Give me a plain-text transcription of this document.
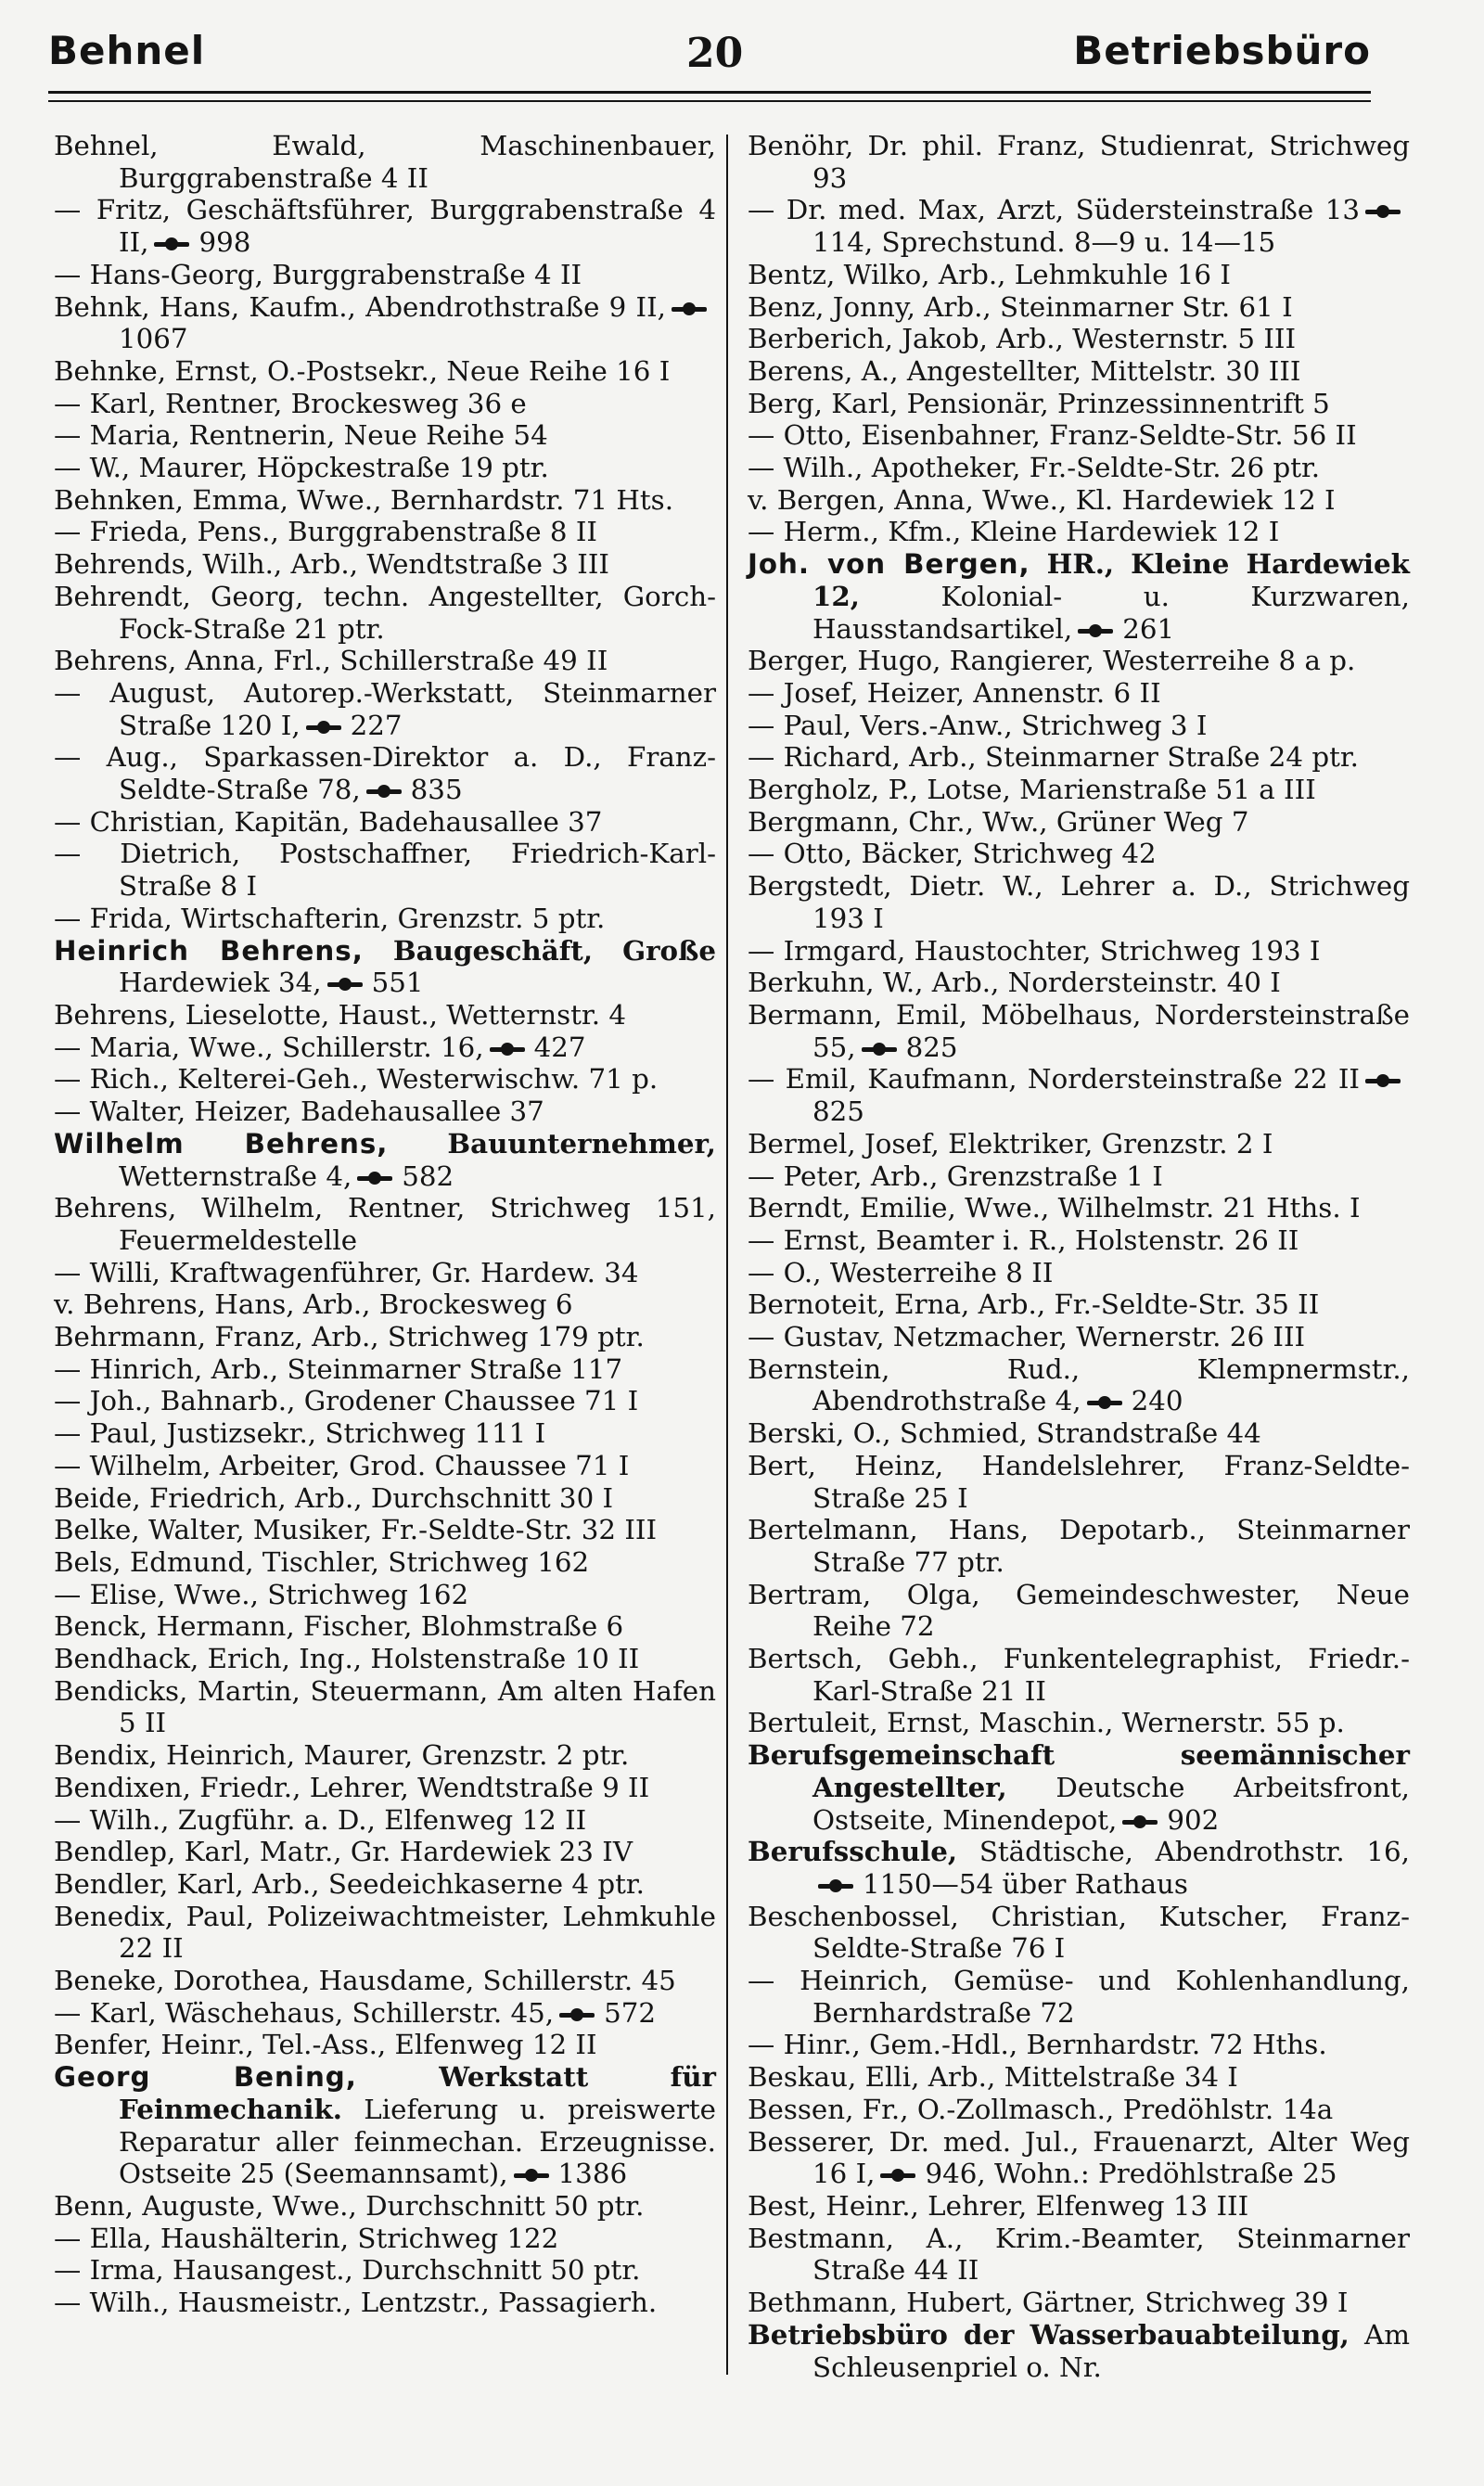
Behnel	20	Betriebsbüro
Behnel, Ewald, Maschinenbauer, Burggrabenstraße 4 II
— Fritz, Geschäftsführer, Burggrabenstraße 4 II, 998
— Hans-Georg, Burggrabenstraße 4 II
Behnk, Hans, Kaufm., Abendrothstraße 9 II,1067
Behnke, Ernst, O.-Postsekr., Neue Reihe 16 I
— Karl, Rentner, Brockesweg 36 e
— Maria, Rentnerin, Neue Reihe 54
— W., Maurer, Höpckestraße 19 ptr.
Behnken, Emma, Wwe., Bernhardstr. 71 Hts.
— Frieda, Pens., Burggrabenstraße 8 II
Behrends, Wilh., Arb., Wendtstraße 3 III
Behrendt, Georg, techn. Angestellter, Gorch-Fock-Straße 21 ptr.
Behrens, Anna, Frl., Schillerstraße 49 II
— August, Autorep.-Werkstatt, Steinmarner Straße 120 I, 227
— Aug., Sparkassen-Direktor a. D., Franz-Seldte-Straße 78, 835
— Christian, Kapitän, Badehausallee 37
— Dietrich, Postschaffner, Friedrich-Karl-Straße 8 I
— Frida, Wirtschafterin, Grenzstr. 5 ptr.
Heinrich Behrens, Baugeschäft, Große Hardewiek 34, 551
Behrens, Lieselotte, Haust., Wetternstr. 4
— Maria, Wwe., Schillerstr. 16, 427
— Rich., Kelterei-Geh., Westerwischw. 71 p.
— Walter, Heizer, Badehausallee 37
Wilhelm Behrens, Bauunternehmer, Wetternstraße 4, 582
Behrens, Wilhelm, Rentner, Strichweg 151, Feuermeldestelle
— Willi, Kraftwagenführer, Gr. Hardew. 34
v. Behrens, Hans, Arb., Brockesweg 6
Behrmann, Franz, Arb., Strichweg 179 ptr.
— Hinrich, Arb., Steinmarner Straße 117
— Joh., Bahnarb., Grodener Chaussee 71 I
— Paul, Justizsekr., Strichweg 111 I
— Wilhelm, Arbeiter, Grod. Chaussee 71 I
Beide, Friedrich, Arb., Durchschnitt 30 I
Belke, Walter, Musiker, Fr.-Seldte-Str. 32 III
Bels, Edmund, Tischler, Strichweg 162
— Elise, Wwe., Strichweg 162
Benck, Hermann, Fischer, Blohmstraße 6
Bendhack, Erich, Ing., Holstenstraße 10 II
Bendicks, Martin, Steuermann, Am alten Hafen 5 II
Bendix, Heinrich, Maurer, Grenzstr. 2 ptr.
Bendixen, Friedr., Lehrer, Wendtstraße 9 II
— Wilh., Zugführ. a. D., Elfenweg 12 II
Bendlep, Karl, Matr., Gr. Hardewiek 23 IV
Bendler, Karl, Arb., Seedeichkaserne 4 ptr.
Benedix, Paul, Polizeiwachtmeister, Lehmkuhle 22 II
Beneke, Dorothea, Hausdame, Schillerstr. 45
— Karl, Wäschehaus, Schillerstr. 45, 572
Benfer, Heinr., Tel.-Ass., Elfenweg 12 II
Georg Bening, Werkstatt für Feinmechanik. Lieferung u. preiswerte Reparatur aller feinmechan. Erzeugnisse. Ostseite 25 (Seemannsamt), 1386
Benn, Auguste, Wwe., Durchschnitt 50 ptr.
— Ella, Haushälterin, Strichweg 122
— Irma, Hausangest., Durchschnitt 50 ptr.
— Wilh., Hausmeistr., Lentzstr., Passagierh.
Benöhr, Dr. phil. Franz, Studienrat, Strichweg 93
— Dr. med. Max, Arzt, Südersteinstraße 13114, Sprechstund. 8—9 u. 14—15
Bentz, Wilko, Arb., Lehmkuhle 16 I
Benz, Jonny, Arb., Steinmarner Str. 61 I
Berberich, Jakob, Arb., Westernstr. 5 III
Berens, A., Angestellter, Mittelstr. 30 III
Berg, Karl, Pensionär, Prinzessinnentrift 5
— Otto, Eisenbahner, Franz-Seldte-Str. 56 II
— Wilh., Apotheker, Fr.-Seldte-Str. 26 ptr.
v. Bergen, Anna, Wwe., Kl. Hardewiek 12 I
— Herm., Kfm., Kleine Hardewiek 12 I
Joh. von Bergen, HR., Kleine Hardewiek 12, Kolonial- u. Kurzwaren, Hausstandsartikel, 261
Berger, Hugo, Rangierer, Westerreihe 8 a p.
— Josef, Heizer, Annenstr. 6 II
— Paul, Vers.-Anw., Strichweg 3 I
— Richard, Arb., Steinmarner Straße 24 ptr.
Bergholz, P., Lotse, Marienstraße 51 a III
Bergmann, Chr., Ww., Grüner Weg 7
— Otto, Bäcker, Strichweg 42
Bergstedt, Dietr. W., Lehrer a. D., Strichweg 193 I
— Irmgard, Haustochter, Strichweg 193 I
Berkuhn, W., Arb., Nordersteinstr. 40 I
Bermann, Emil, Möbelhaus, Nordersteinstraße 55, 825
— Emil, Kaufmann, Nordersteinstraße 22 II825
Bermel, Josef, Elektriker, Grenzstr. 2 I
— Peter, Arb., Grenzstraße 1 I
Berndt, Emilie, Wwe., Wilhelmstr. 21 Hths. I
— Ernst, Beamter i. R., Holstenstr. 26 II
— O., Westerreihe 8 II
Bernoteit, Erna, Arb., Fr.-Seldte-Str. 35 II
— Gustav, Netzmacher, Wernerstr. 26 III
Bernstein, Rud., Klempnermstr., Abendrothstraße 4, 240
Berski, O., Schmied, Strandstraße 44
Bert, Heinz, Handelslehrer, Franz-Seldte-Straße 25 I
Bertelmann, Hans, Depotarb., Steinmarner Straße 77 ptr.
Bertram, Olga, Gemeindeschwester, Neue Reihe 72
Bertsch, Gebh., Funkentelegraphist, Friedr.-Karl-Straße 21 II
Bertuleit, Ernst, Maschin., Wernerstr. 55 p.
Berufsgemeinschaft seemännischer Angestellter, Deutsche Arbeitsfront, Ostseite, Minendepot, 902
Berufsschule, Städtische, Abendrothstr. 16,1150—54 über Rathaus
Beschenbossel, Christian, Kutscher, Franz-Seldte-Straße 76 I
— Heinrich, Gemüse- und Kohlenhandlung, Bernhardstraße 72
— Hinr., Gem.-Hdl., Bernhardstr. 72 Hths.
Beskau, Elli, Arb., Mittelstraße 34 I
Bessen, Fr., O.-Zollmasch., Predöhlstr. 14a
Besserer, Dr. med. Jul., Frauenarzt, Alter Weg 16 I, 946, Wohn.: Predöhlstraße 25
Best, Heinr., Lehrer, Elfenweg 13 III
Bestmann, A., Krim.-Beamter, Steinmarner Straße 44 II
Bethmann, Hubert, Gärtner, Strichweg 39 I
Betriebsbüro der Wasserbauabteilung, Am Schleusenpriel o. Nr.
